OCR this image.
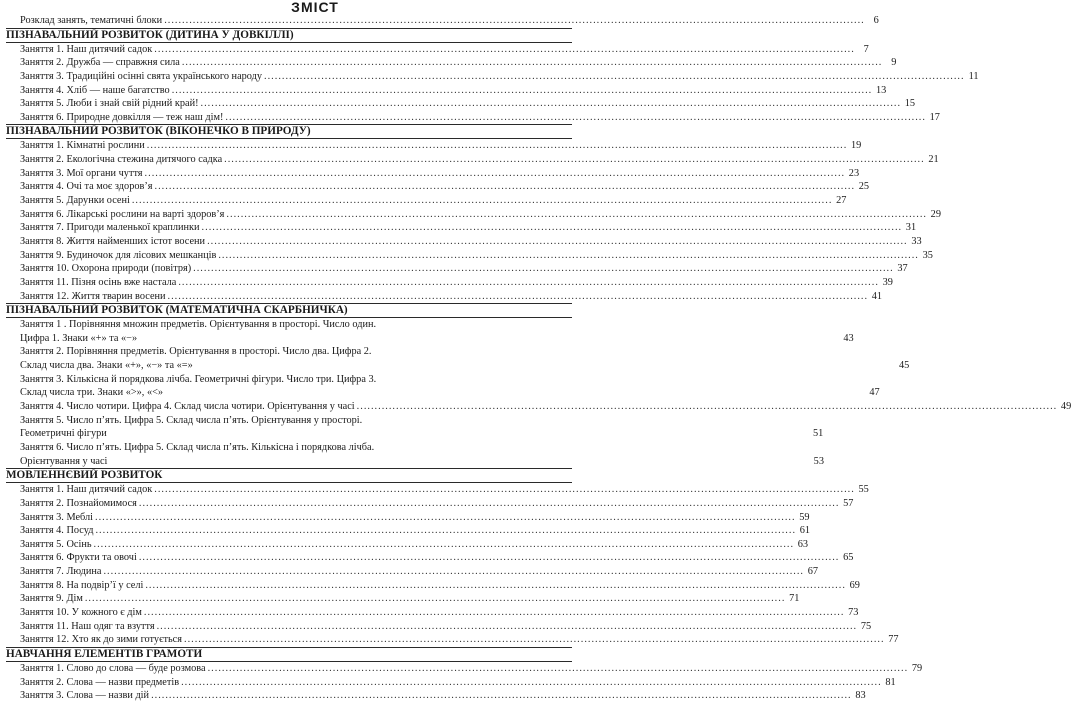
ЗМІСТ
Розклад занять, тематичні блоки .....	6
ПІЗНАВАЛЬНИЙ РОЗВИТОК (ДИТИНА У ДОВКІЛЛІ)
Заняття 1. Наш дитячий садок .....	7
Заняття 2. Дружба — справжня сила .....	9
Заняття 3. Традиційні осінні свята українського народу .....	11
Заняття 4. Хліб — наше багатство .....	13
Заняття 5. Люби і знай свій рідний край! .....	15
Заняття 6. Природне довкілля — теж наш дім! .....	17
ПІЗНАВАЛЬНИЙ РОЗВИТОК (ВІКОНЕЧКО В ПРИРОДУ)
Заняття 1. Кімнатні рослини .....	19
Заняття 2. Екологічна стежина дитячого садка .....	21
Заняття 3. Мої органи чуття .....	23
Заняття 4. Очі та моє здоров’я .....	25
Заняття 5. Дарунки осені .....	27
Заняття 6. Лікарські рослини на варті здоров’я .....	29
Заняття 7. Пригоди маленької краплинки .....	31
Заняття 8. Життя найменших істот восени .....	33
Заняття 9. Будиночок для лісових мешканців .....	35
Заняття 10. Охорона природи (повітря) .....	37
Заняття 11. Пізня осінь вже настала .....	39
Заняття 12. Життя тварин восени .....	41
ПІЗНАВАЛЬНИЙ РОЗВИТОК (МАТЕМАТИЧНА СКАРБНИЧКА)
Заняття 1 . Порівняння множин предметів. Орієнтування в просторі. Число один.
Цифра 1. Знаки «+» та «−»	43
Заняття 2. Порівняння предметів. Орієнтування в просторі. Число два. Цифра 2.
Склад числа два. Знаки «+», «−» та «=»	45
Заняття 3. Кількісна й порядкова лічба. Геометричні фігури. Число три. Цифра 3.
Склад числа три. Знаки «>», «<»	47
Заняття 4. Число чотири. Цифра 4. Склад числа чотири. Орієнтування у часі .....	49
Заняття 5. Число п’ять. Цифра 5. Склад числа п’ять. Орієнтування у просторі.
Геометричні фігури	51
Заняття 6. Число п’ять. Цифра 5. Склад числа п’ять. Кількісна і порядкова лічба.
Орієнтування у часі	53
МОВЛЕННЄВИЙ РОЗВИТОК
Заняття 1. Наш дитячий садок .....	55
Заняття 2. Познайомимося .....	57
Заняття 3. Меблі .....	59
Заняття 4. Посуд .....	61
Заняття 5. Осінь .....	63
Заняття 6. Фрукти та овочі .....	65
Заняття 7. Людина .....	67
Заняття 8. На подвір’ї у селі .....	69
Заняття 9. Дім .....	71
Заняття 10. У кожного є дім .....	73
Заняття 11. Наш одяг та взуття .....	75
Заняття 12. Хто як до зими готується .....	77
НАВЧАННЯ ЕЛЕМЕНТІВ ГРАМОТИ
Заняття 1. Слово до слова — буде розмова .....	79
Заняття 2. Слова — назви предметів .....	81
Заняття 3. Слова — назви дій .....	83
